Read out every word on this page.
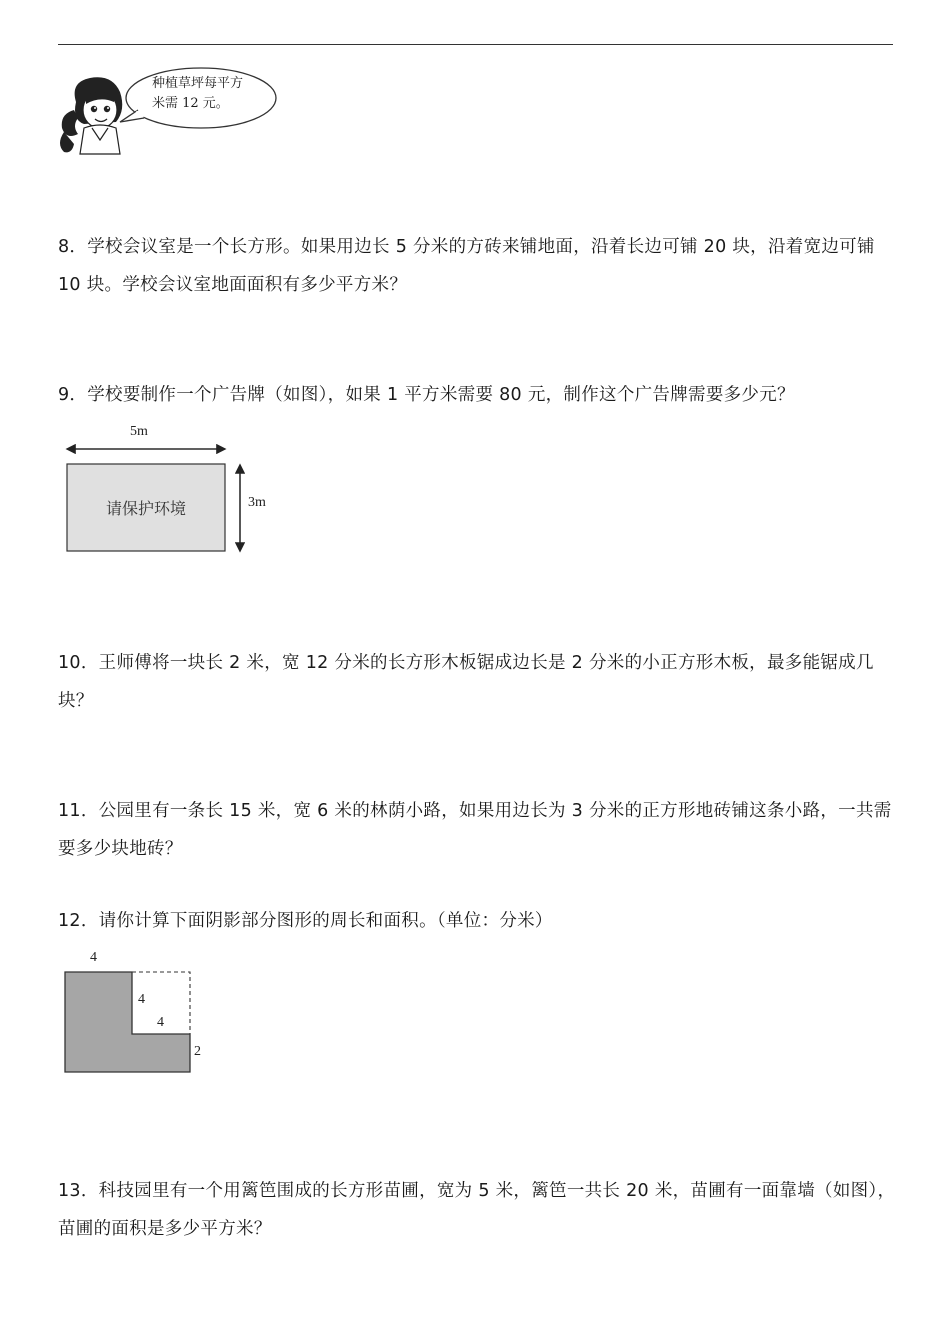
种植草坪每平方
米需 12 元。
8．学校会议室是一个长方形。如果用边长 5 分米的方砖来铺地面，沿着长边可铺 20 块，沿着宽边可铺 10 块。学校会议室地面面积有多少平方米？
9．学校要制作一个广告牌（如图），如果 1 平方米需要 80 元，制作这个广告牌需要多少元？
5m
3m
请保护环境
10．王师傅将一块长 2 米，宽 12 分米的长方形木板锯成边长是 2 分米的小正方形木板，最多能锯成几块？
11．公园里有一条长 15 米，宽 6 米的林荫小路，如果用边长为 3 分米的正方形地砖铺这条小路，一共需要多少块地砖？
12．请你计算下面阴影部分图形的周长和面积。（单位：分米）
4
4
4
2
13．科技园里有一个用篱笆围成的长方形苗圃，宽为 5 米，篱笆一共长 20 米，苗圃有一面靠墙（如图），苗圃的面积是多少平方米？
